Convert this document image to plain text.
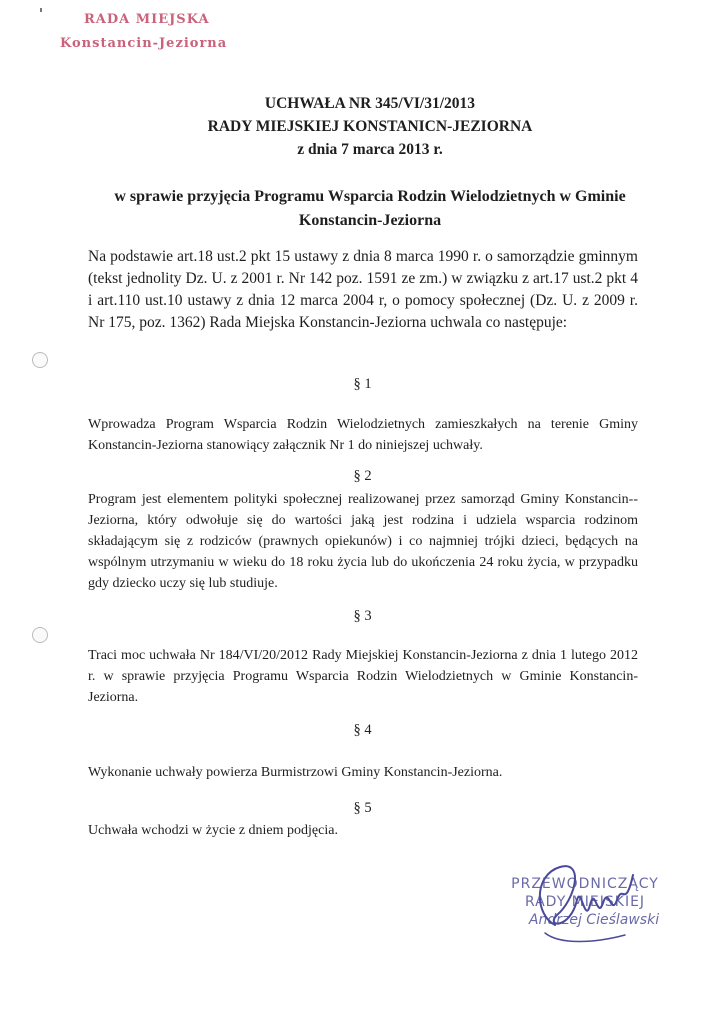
RADA MIEJSKA
Konstancin-Jeziorna
UCHWAŁA NR 345/VI/31/2013
RADY MIEJSKIEJ KONSTANICN-JEZIORNA
z dnia 7 marca 2013 r.
w sprawie przyjęcia Programu Wsparcia Rodzin Wielodzietnych w Gminie
Konstancin-Jeziorna
Na podstawie art.18 ust.2 pkt 15 ustawy z dnia 8 marca 1990 r. o samorządzie gminnym (tekst jednolity Dz. U. z 2001 r. Nr 142 poz. 1591 ze zm.) w związku z art.17 ust.2 pkt 4 i art.110 ust.10 ustawy z dnia 12 marca 2004 r, o pomocy społecznej (Dz. U. z 2009 r. Nr 175, poz. 1362) Rada Miejska Konstancin-Jeziorna uchwala co następuje:
§ 1
Wprowadza Program Wsparcia Rodzin Wielodzietnych zamieszkałych na terenie Gminy Konstancin-Jeziorna stanowiący załącznik Nr 1 do niniejszej uchwały.
§ 2
Program jest elementem polityki społecznej realizowanej przez samorząd Gminy Konstancin--Jeziorna, który odwołuje się do wartości jaką jest rodzina i udziela wsparcia rodzinom składającym się z rodziców (prawnych opiekunów) i co najmniej trójki dzieci, będących na wspólnym utrzymaniu w wieku do 18 roku życia lub do ukończenia 24 roku życia, w przypadku gdy dziecko uczy się lub studiuje.
§ 3
Traci moc uchwała Nr 184/VI/20/2012 Rady Miejskiej Konstancin-Jeziorna z dnia 1 lutego 2012 r. w sprawie przyjęcia Programu Wsparcia Rodzin Wielodzietnych w Gminie Konstancin-Jeziorna.
§ 4
Wykonanie uchwały powierza Burmistrzowi Gminy Konstancin-Jeziorna.
§ 5
Uchwała wchodzi w życie z dniem podjęcia.
PRZEWODNICZĄCY
RADY MIEJSKIEJ
Andrzej Cieślawski
